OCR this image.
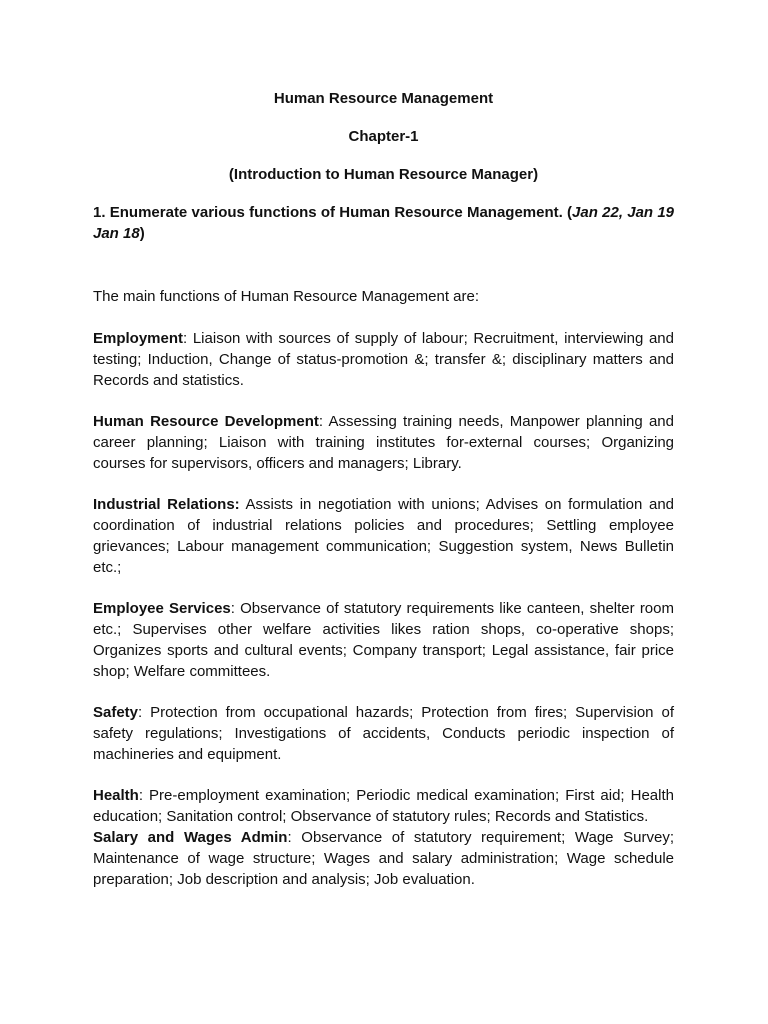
Human Resource Management

Chapter-1

(Introduction to Human Resource Manager)

1. Enumerate various functions of Human Resource Management. (Jan 22, Jan 19 Jan 18)

The main functions of Human Resource Management are:

Employment: Liaison with sources of supply of labour; Recruitment, interviewing and testing; Induction, Change of status-promotion &; transfer &; disciplinary matters and Records and statistics.

Human Resource Development: Assessing training needs, Manpower planning and career planning; Liaison with training institutes for-external courses; Organizing courses for supervisors, officers and managers; Library.

Industrial Relations: Assists in negotiation with unions; Advises on formulation and coordination of industrial relations policies and procedures; Settling employee grievances; Labour management communication; Suggestion system, News Bulletin etc.;

Employee Services: Observance of statutory requirements like canteen, shelter room etc.; Supervises other welfare activities likes ration shops, co-operative shops; Organizes sports and cultural events; Company transport; Legal assistance, fair price shop; Welfare committees.

Safety: Protection from occupational hazards; Protection from fires; Supervision of safety regulations; Investigations of accidents, Conducts periodic inspection of machineries and equipment.

Health: Pre-employment examination; Periodic medical examination; First aid; Health education; Sanitation control; Observance of statutory rules; Records and Statistics.

Salary and Wages Admin: Observance of statutory requirement; Wage Survey; Maintenance of wage structure; Wages and salary administration; Wage schedule preparation; Job description and analysis; Job evaluation.
